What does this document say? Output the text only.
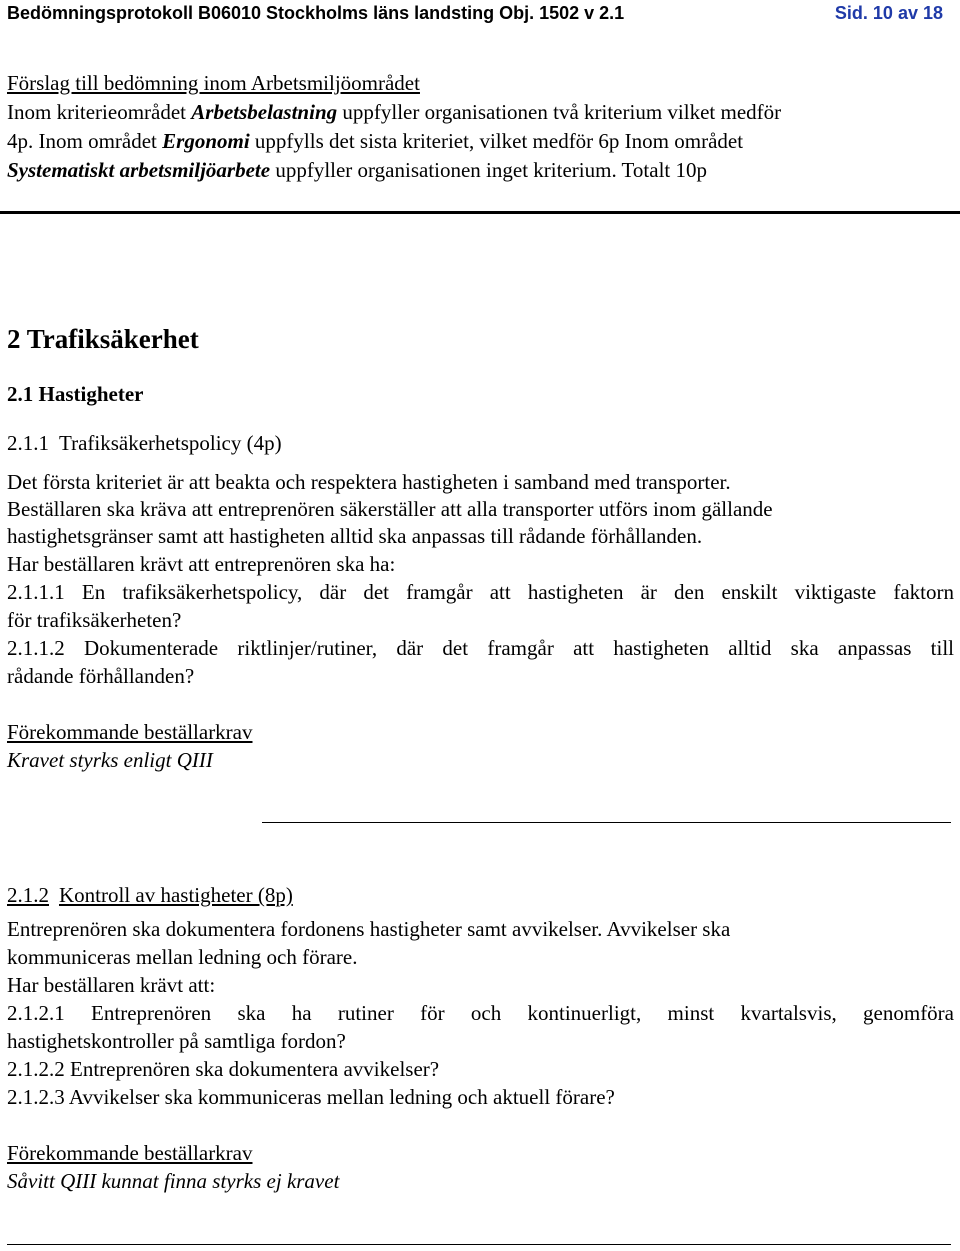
Bedömningsprotokoll B06010 Stockholms läns landsting Obj. 1502 v 2.1	Sid. 10 av 18
Förslag till bedömning inom Arbetsmiljöområdet
Inom kriterieområdet Arbetsbelastning uppfyller organisationen två kriterium vilket medför
4p. Inom området Ergonomi uppfylls det sista kriteriet, vilket medför 6p Inom området
Systematiskt arbetsmiljöarbete uppfyller organisationen inget kriterium. Totalt 10p
2 Trafiksäkerhet
2.1 Hastigheter
2.1.1 Trafiksäkerhetspolicy (4p)
Det första kriteriet är att beakta och respektera hastigheten i samband med transporter.
Beställaren ska kräva att entreprenören säkerställer att alla transporter utförs inom gällande
hastighetsgränser samt att hastigheten alltid ska anpassas till rådande förhållanden.
Har beställaren krävt att entreprenören ska ha:
2.1.1.1 En trafiksäkerhetspolicy, där det framgår att hastigheten är den enskilt viktigaste faktorn
för trafiksäkerheten?
2.1.1.2 Dokumenterade riktlinjer/rutiner, där det framgår att hastigheten alltid ska anpassas till
rådande förhållanden?
Förekommande beställarkrav
Kravet styrks enligt QIII
2.1.2 Kontroll av hastigheter (8p)
Entreprenören ska dokumentera fordonens hastigheter samt avvikelser. Avvikelser ska
kommuniceras mellan ledning och förare.
Har beställaren krävt att:
2.1.2.1 Entreprenören ska ha rutiner för och kontinuerligt, minst kvartalsvis, genomföra
hastighetskontroller på samtliga fordon?
2.1.2.2 Entreprenören ska dokumentera avvikelser?
2.1.2.3 Avvikelser ska kommuniceras mellan ledning och aktuell förare?
Förekommande beställarkrav
Såvitt QIII kunnat finna styrks ej kravet
